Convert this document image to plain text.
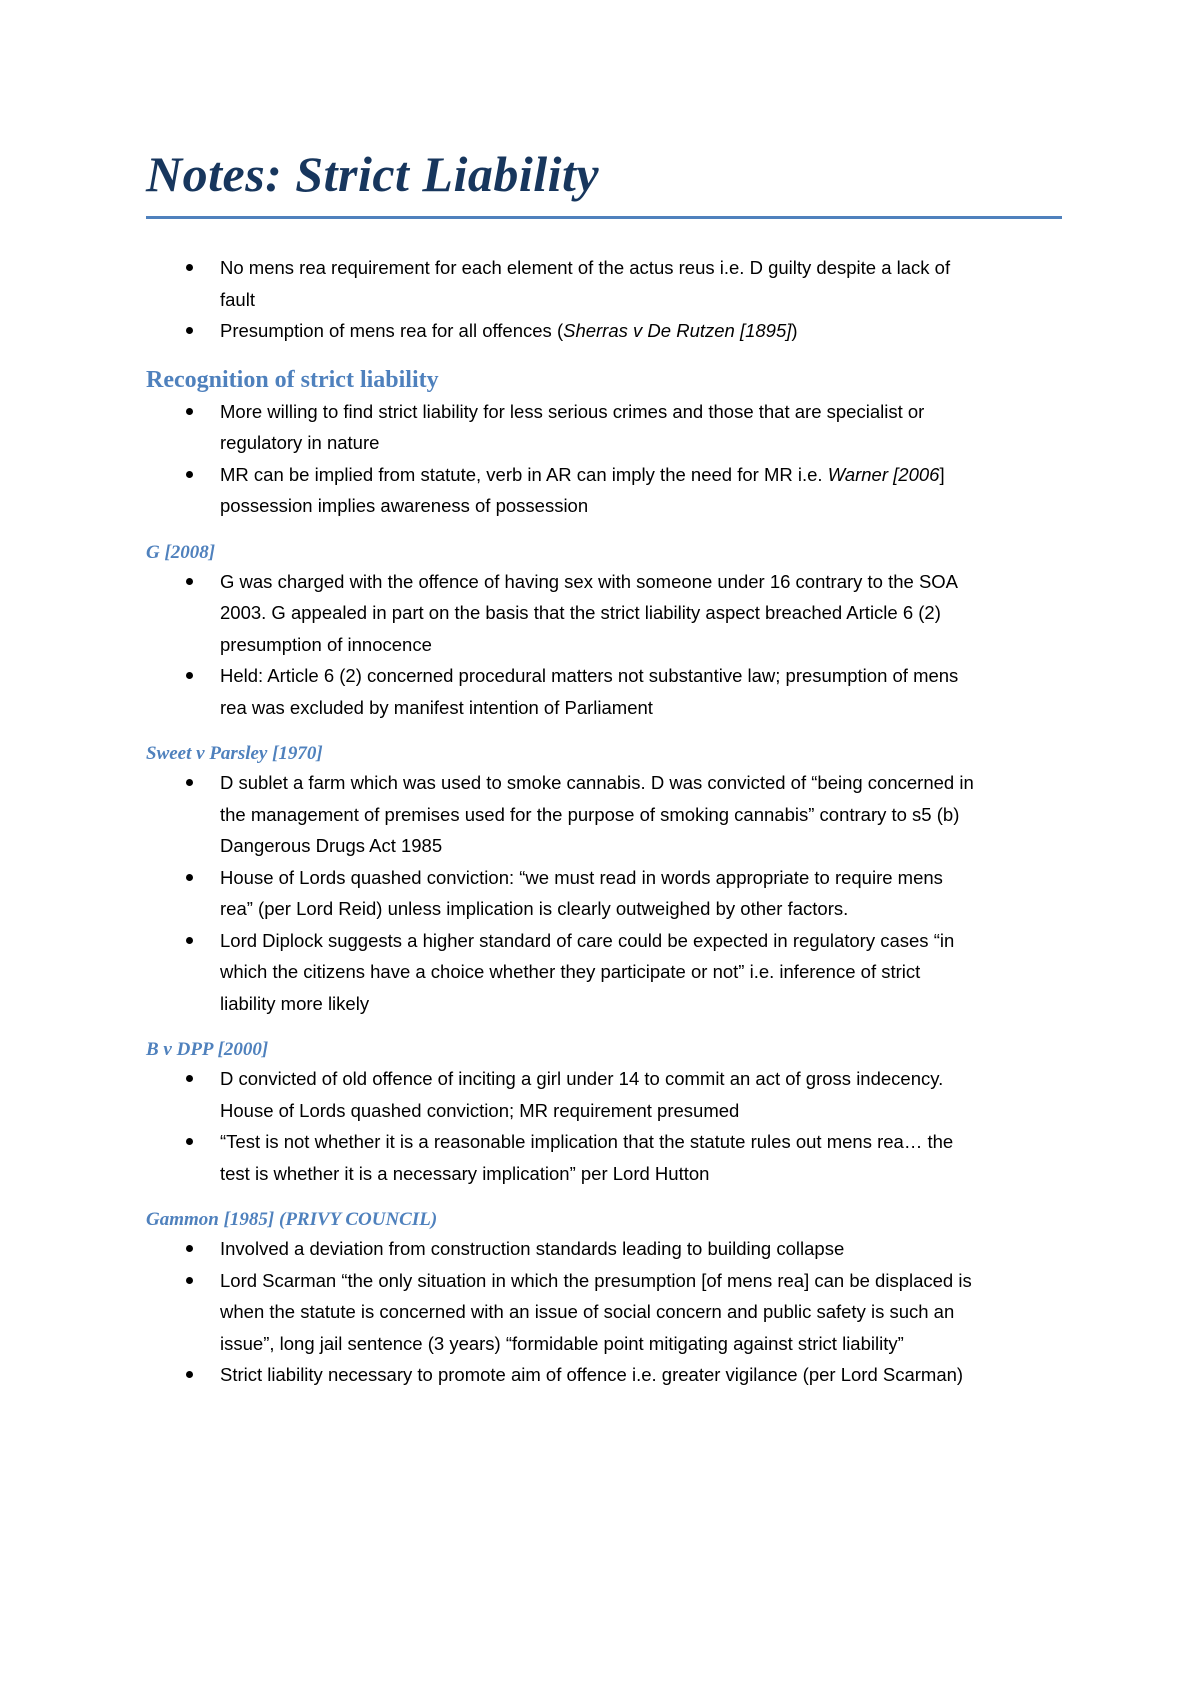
Notes: Strict Liability
No mens rea requirement for each element of the actus reus i.e. D guilty despite a lack of
fault
Presumption of mens rea for all offences (Sherras v De Rutzen [1895])
Recognition of strict liability
More willing to find strict liability for less serious crimes and those that are specialist or
regulatory in nature
MR can be implied from statute, verb in AR can imply the need for MR i.e. Warner [2006]
possession implies awareness of possession
G [2008]
G was charged with the offence of having sex with someone under 16 contrary to the SOA
2003. G appealed in part on the basis that the strict liability aspect breached Article 6 (2)
presumption of innocence
Held: Article 6 (2) concerned procedural matters not substantive law; presumption of mens
rea was excluded by manifest intention of Parliament
Sweet v Parsley [1970]
D sublet a farm which was used to smoke cannabis. D was convicted of “being concerned in
the management of premises used for the purpose of smoking cannabis” contrary to s5 (b)
Dangerous Drugs Act 1985
House of Lords quashed conviction: “we must read in words appropriate to require mens
rea” (per Lord Reid) unless implication is clearly outweighed by other factors.
Lord Diplock suggests a higher standard of care could be expected in regulatory cases “in
which the citizens have a choice whether they participate or not” i.e. inference of strict
liability more likely
B v DPP [2000]
D convicted of old offence of inciting a girl under 14 to commit an act of gross indecency.
House of Lords quashed conviction; MR requirement presumed
“Test is not whether it is a reasonable implication that the statute rules out mens rea… the
test is whether it is a necessary implication” per Lord Hutton
Gammon [1985] (PRIVY COUNCIL)
Involved a deviation from construction standards leading to building collapse
Lord Scarman “the only situation in which the presumption [of mens rea] can be displaced is
when the statute is concerned with an issue of social concern and public safety is such an
issue”, long jail sentence (3 years) “formidable point mitigating against strict liability”
Strict liability necessary to promote aim of offence i.e. greater vigilance (per Lord Scarman)
